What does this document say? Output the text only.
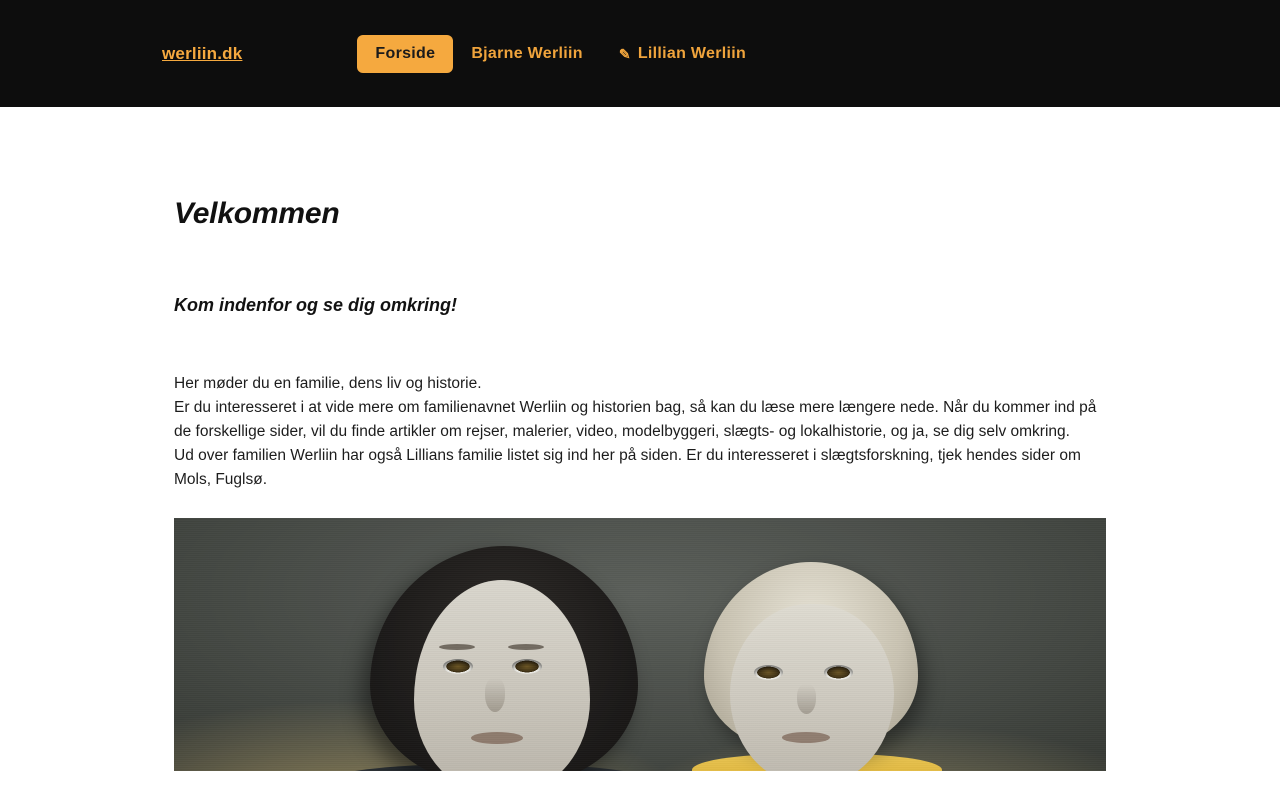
werliin.dk	Forside Bjarne Werliin	✎ Lillian Werliin
Velkommen
Kom indenfor og se dig omkring!

Her møder du en familie, dens liv og historie.

Er du interesseret i at vide mere om familienavnet Werliin og historien bag, så kan du læse mere længere nede. Når du kommer ind på de forskellige sider, vil du finde artikler om rejser, malerier, video, modelbyggeri, slægts- og lokalhistorie, og ja, se dig selv omkring.

Ud over familien Werliin har også Lillians familie listet sig ind her på siden. Er du interesseret i slægtsforskning, tjek hendes sider om Mols, Fuglsø.
